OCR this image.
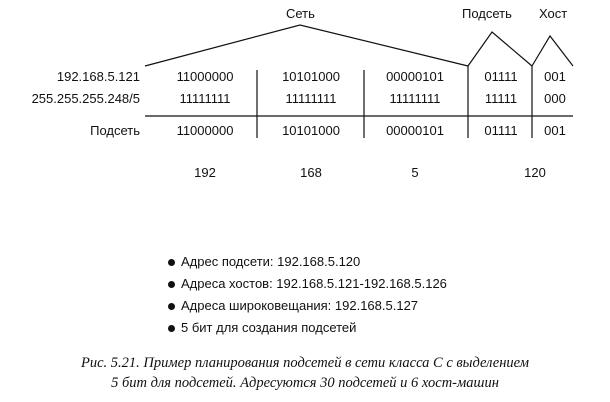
Сеть	Подсеть Хост
192.168.5.121	11000000	10101000	00000101	01111	001
255.255.255.248/5	11111111	11111111	11111111	11111	000
Подсеть	11000000	10101000	00000101	01111	001
192	168	5	120
Адрес подсети: 192.168.5.120
Адреса хостов: 192.168.5.121-192.168.5.126
Адреса широковещания: 192.168.5.127
5 бит для создания подсетей
Рис. 5.21. Пример планирования подсетей в сети класса С с выделением
5 бит для подсетей. Адресуются 30 подсетей и 6 хост-машин
